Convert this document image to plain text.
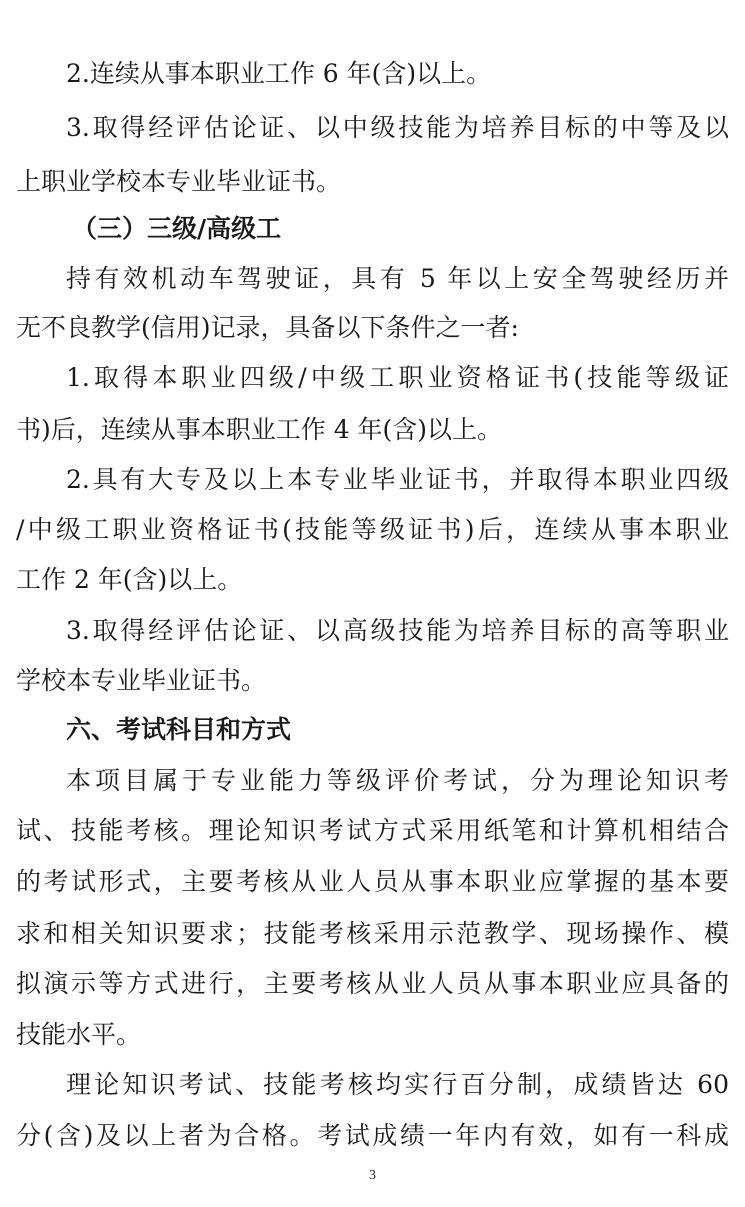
2.连续从事本职业工作 6 年(含)以上。
3.取得经评估论证、以中级技能为培养目标的中等及以
上职业学校本专业毕业证书。
（三）三级/高级工
持有效机动车驾驶证，具有 5 年以上安全驾驶经历并
无不良教学(信用)记录，具备以下条件之一者:
1.取得本职业四级/中级工职业资格证书(技能等级证
书)后，连续从事本职业工作 4 年(含)以上。
2.具有大专及以上本专业毕业证书，并取得本职业四级
/中级工职业资格证书(技能等级证书)后，连续从事本职业
工作 2 年(含)以上。
3.取得经评估论证、以高级技能为培养目标的高等职业
学校本专业毕业证书。
六、考试科目和方式
本项目属于专业能力等级评价考试，分为理论知识考
试、技能考核。理论知识考试方式采用纸笔和计算机相结合
的考试形式，主要考核从业人员从事本职业应掌握的基本要
求和相关知识要求；技能考核采用示范教学、现场操作、模
拟演示等方式进行，主要考核从业人员从事本职业应具备的
技能水平。
理论知识考试、技能考核均实行百分制，成绩皆达 60
分(含)及以上者为合格。考试成绩一年内有效，如有一科成
3
